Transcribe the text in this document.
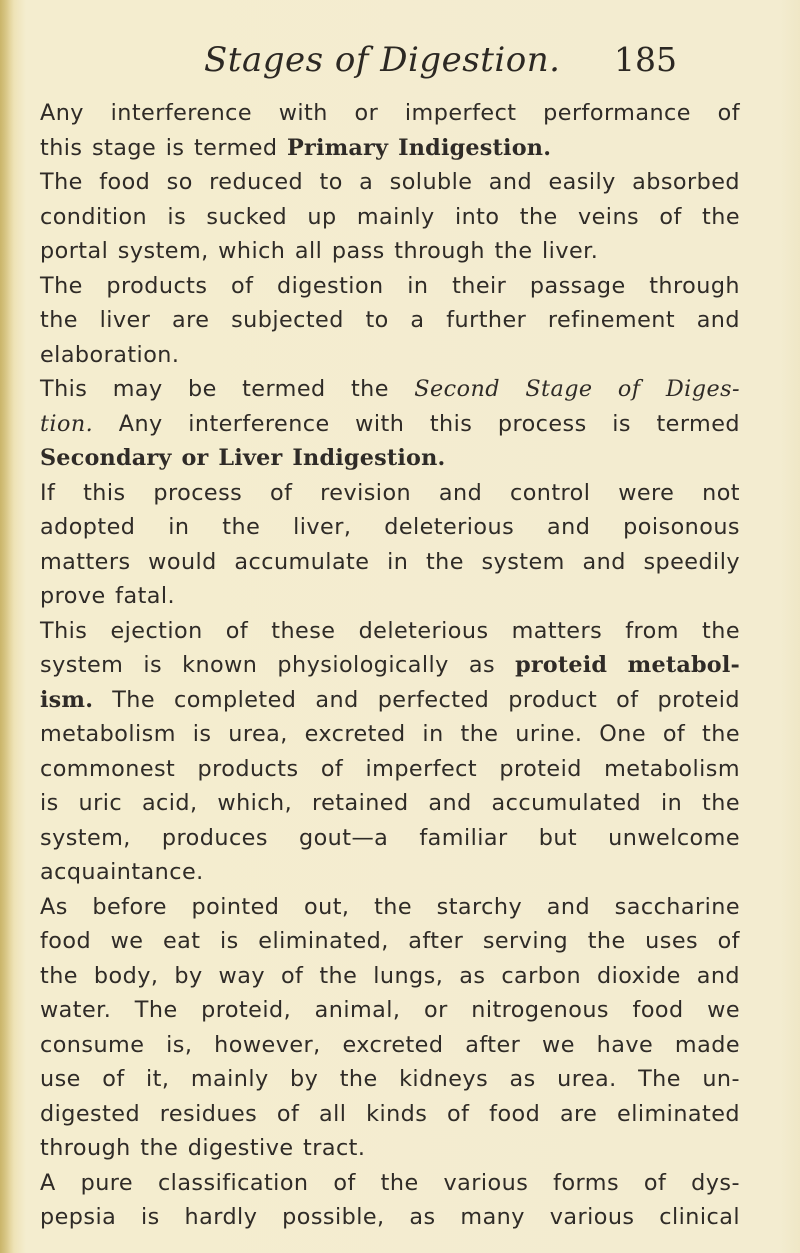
Stages of Digestion. 185
Any interference with or imperfect performance of
this stage is termed Primary Indigestion.
The food so reduced to a soluble and easily absorbed
condition is sucked up mainly into the veins of the
portal system, which all pass through the liver.
The products of digestion in their passage through
the liver are subjected to a further refinement and
elaboration.
This may be termed the Second Stage of Diges-
tion. Any interference with this process is termed
Secondary or Liver Indigestion.
If this process of revision and control were not
adopted in the liver, deleterious and poisonous
matters would accumulate in the system and speedily
prove fatal.
This ejection of these deleterious matters from the
system is known physiologically as proteid metabol-
ism. The completed and perfected product of proteid
metabolism is urea, excreted in the urine. One of the
commonest products of imperfect proteid metabolism
is uric acid, which, retained and accumulated in the
system, produces gout—a familiar but unwelcome
acquaintance.
As before pointed out, the starchy and saccharine
food we eat is eliminated, after serving the uses of
the body, by way of the lungs, as carbon dioxide and
water. The proteid, animal, or nitrogenous food we
consume is, however, excreted after we have made
use of it, mainly by the kidneys as urea. The un-
digested residues of all kinds of food are eliminated
through the digestive tract.
A pure classification of the various forms of dys-
pepsia is hardly possible, as many various clinical
